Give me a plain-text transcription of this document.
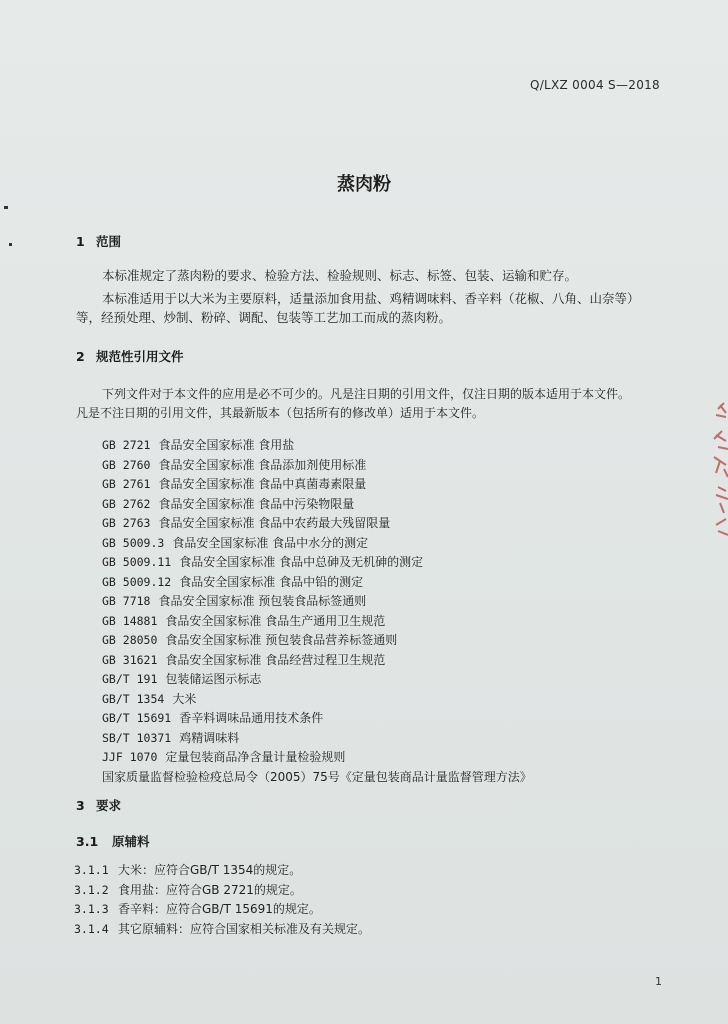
Q/LXZ 0004 S—2018
蒸肉粉
1 范围
本标准规定了蒸肉粉的要求、检验方法、检验规则、标志、标签、包装、运输和贮存。
本标准适用于以大米为主要原料，适量添加食用盐、鸡精调味料、香辛料（花椒、八角、山奈等）
等，经预处理、炒制、粉碎、调配、包装等工艺加工而成的蒸肉粉。
2 规范性引用文件
下列文件对于本文件的应用是必不可少的。凡是注日期的引用文件，仅注日期的版本适用于本文件。
凡是不注日期的引用文件，其最新版本（包括所有的修改单）适用于本文件。
GB 2721 食品安全国家标准 食用盐
GB 2760 食品安全国家标准 食品添加剂使用标准
GB 2761 食品安全国家标准 食品中真菌毒素限量
GB 2762 食品安全国家标准 食品中污染物限量
GB 2763 食品安全国家标准 食品中农药最大残留限量
GB 5009.3 食品安全国家标准 食品中水分的测定
GB 5009.11 食品安全国家标准 食品中总砷及无机砷的测定
GB 5009.12 食品安全国家标准 食品中铅的测定
GB 7718 食品安全国家标准 预包装食品标签通则
GB 14881 食品安全国家标准 食品生产通用卫生规范
GB 28050 食品安全国家标准 预包装食品营养标签通则
GB 31621 食品安全国家标准 食品经营过程卫生规范
GB/T 191 包装储运图示标志
GB/T 1354 大米
GB/T 15691 香辛料调味品通用技术条件
SB/T 10371 鸡精调味料
JJF 1070 定量包装商品净含量计量检验规则
国家质量监督检验检疫总局令（2005）75号《定量包装商品计量监督管理方法》
3 要求
3.1 原辅料
3.1.1 大米：应符合GB/T 1354的规定。
3.1.2 食用盐：应符合GB 2721的规定。
3.1.3 香辛料：应符合GB/T 15691的规定。
3.1.4 其它原辅料：应符合国家相关标准及有关规定。
1
